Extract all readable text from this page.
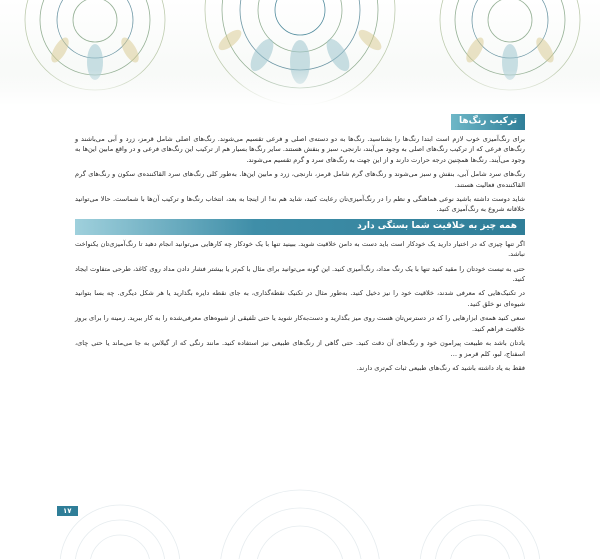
ترکیب رنگ‌ها

برای رنگ‌آمیزی خوب لازم است ابتدا رنگ‌ها را بشناسید. رنگ‌ها به دو دسته‌ی اصلی و فرعی تقسیم می‌شوند. رنگ‌های اصلی شامل قرمز، زرد و آبی می‌باشند و رنگ‌های فرعی که از ترکیب رنگ‌های اصلی به وجود می‌آیند، نارنجی، سبز و بنفش هستند. سایر رنگ‌ها بسیار هم از ترکیب این رنگ‌های فرعی و در واقع مابین این‌ها به وجود می‌آیند. رنگ‌ها همچنین درجه حرارت دارند و از این جهت به رنگ‌های سرد و گرم تقسیم می‌شوند.

رنگ‌های سرد شامل آبی، بنفش و سبز می‌شوند و رنگ‌های گرم شامل قرمز، نارنجی، زرد و مابین این‌ها. به‌طور کلی رنگ‌های سرد القاکننده‌ی سکون و رنگ‌های گرم القاکننده‌ی فعالیت هستند.

شاید دوست داشته باشید نوعی هماهنگی و نظم را در رنگ‌آمیزی‌تان رعایت کنید، شاید هم نه! از اینجا به بعد، انتخاب رنگ‌ها و ترکیب آن‌ها با شماست. حالا می‌توانید خلاقانه شروع به رنگ‌آمیزی کنید.

همه چیز به خلاقیت شما بستگی دارد

اگر تنها چیزی که در اختیار دارید یک خودکار است باید دست به دامن خلاقیت شوید. ببینید تنها با یک خودکار چه کارهایی می‌توانید انجام دهید تا رنگ‌آمیزی‌تان یکنواخت نباشد.

حتی به تیست خودتان را مقید کنید تنها با یک رنگ مداد، رنگ‌آمیزی کنید. این گونه می‌توانید برای مثال با کم‌تر یا بیشتر فشار دادن مداد روی کاغذ، طرحی متفاوت ایجاد کنید.

در تکنیک‌هایی که معرفی شدند، خلاقیت خود را نیز دخیل کنید. به‌طور مثال در تکنیک نقطه‌گذاری، به جای نقطه دایره بگذارید یا هر شکل دیگری. چه بسا بتوانید شیوه‌ای نو خلق کنید.

سعی کنید همه‌ی ابزارهایی را که در دسترس‌تان هست روی میز بگذارید و دست‌به‌کار شوید یا حتی تلفیقی از شیوه‌های معرفی‌شده را به کار ببرید. زمینه را برای بروز خلاقیت فراهم کنید.

یادتان باشد به طبیعت پیرامون خود و رنگ‌های آن دقت کنید. حتی گاهی از رنگ‌های طبیعی نیز استفاده کنید. مانند رنگی که از گیلاس به جا می‌ماند یا حتی چای، اسفناج، لبو، کلم قرمز و …

فقط به یاد داشته باشید که رنگ‌های طبیعی ثبات کم‌تری دارند.

۱۷
